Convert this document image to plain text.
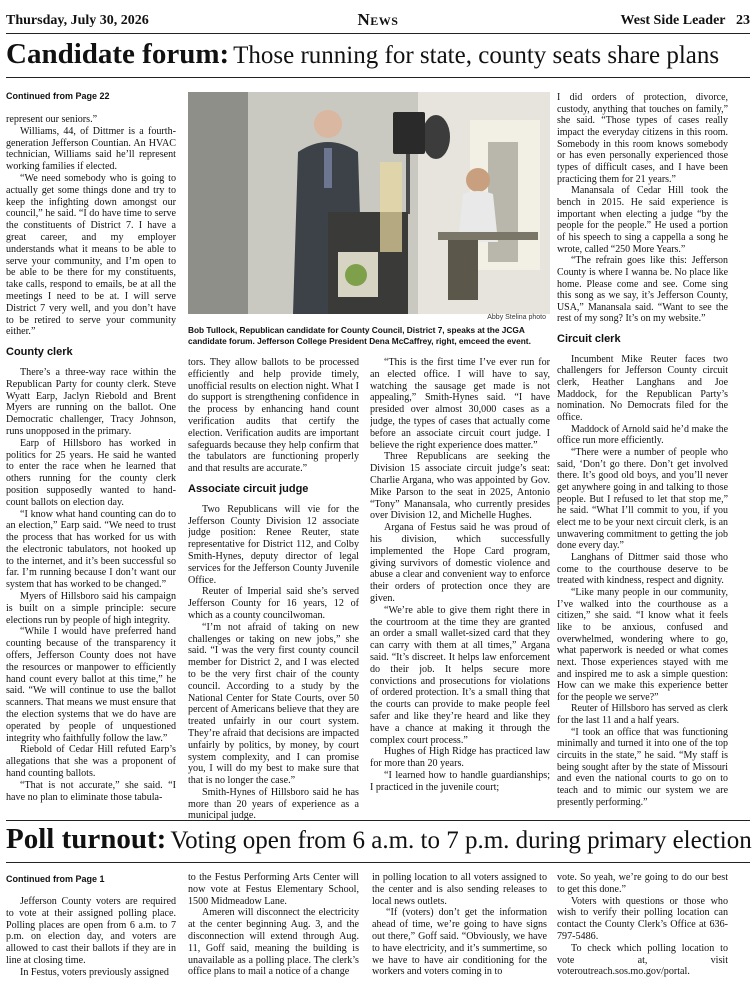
Thursday, July 30, 2026	News	West Side Leader 23
Candidate forum: Those running for state, county seats share plans
Continued from Page 22

represent our seniors.”

Williams, 44, of Dittmer is a fourth-generation Jefferson Countian. An HVAC technician, Williams said he’ll represent working families if elected.

“We need somebody who is going to actually get some things done and try to keep the infighting down amongst our council,” he said. “I do have time to serve the constituents of District 7. I have a great career, and my employer understands what it means to be able to serve your community, and I’m open to be able to be there for my constituents, take calls, respond to emails, be at all the meetings I need to be at. I will serve District 7 very well, and you don’t have to be retired to serve your community either.”

County clerk

There’s a three-way race within the Republican Party for county clerk. Steve Wyatt Earp, Jaclyn Riebold and Brent Myers are running on the ballot. One Democratic challenger, Tracy Johnson, runs unopposed in the primary.

Earp of Hillsboro has worked in politics for 25 years. He said he wanted to enter the race when he learned that others running for the county clerk position supposedly wanted to hand-count ballots on election day.

“I know what hand counting can do to an election,” Earp said. “We need to trust the process that has worked for us with the electronic tabulators, not hooked up to the internet, and it’s been successful so far. I’m running because I don’t want our system that has worked to be changed.”

Myers of Hillsboro said his campaign is built on a simple principle: secure elections run by people of high integrity.

“While I would have preferred hand counting because of the transparency it offers, Jefferson County does not have the resources or manpower to efficiently hand count every ballot at this time,” he said. “We will continue to use the ballot scanners. That means we must ensure that the election systems that we do have are operated by people of unquestioned integrity who faithfully follow the law.”

Riebold of Cedar Hill refuted Earp’s allegations that she was a proponent of hand counting ballots.

“That is not accurate,” she said. “I have no plan to eliminate those tabula-

Abby Stelina photo
Bob Tullock, Republican candidate for County Council, District 7, speaks at the JCGA candidate forum. Jefferson College President Dena McCaffrey, right, emceed the event.

tors. They allow ballots to be processed efficiently and help provide timely, unofficial results on election night. What I do support is strengthening confidence in the process by enhancing hand count verification audits that certify the election. Verification audits are important safeguards because they help confirm that the tabulators are functioning properly and that results are accurate.”

Associate circuit judge

Two Republicans will vie for the Jefferson County Division 12 associate judge position: Renee Reuter, state representative for District 112, and Colby Smith-Hynes, deputy director of legal services for the Jefferson County Juvenile Office.

Reuter of Imperial said she’s served Jefferson County for 16 years, 12 of which as a county councilwoman.

“I’m not afraid of taking on new challenges or taking on new jobs,” she said. “I was the very first county council member for District 2, and I was elected to be the very first chair of the county council. According to a study by the National Center for State Courts, over 50 percent of Americans believe that they are treated unfairly in our court system. They’re afraid that decisions are impacted unfairly by politics, by money, by court system complexity, and I can promise you, I will do my best to make sure that that is no longer the case.”

Smith-Hynes of Hillsboro said he has more than 20 years of experience as a municipal judge.

“This is the first time I’ve ever run for an elected office. I will have to say, watching the sausage get made is not appealing,” Smith-Hynes said. “I have presided over almost 30,000 cases as a judge, the types of cases that actually come before an associate circuit court judge. I believe the right experience does matter.”

Three Republicans are seeking the Division 15 associate circuit judge’s seat: Charlie Argana, who was appointed by Gov. Mike Parson to the seat in 2025, Antonio “Tony” Manansala, who currently presides over Division 12, and Michelle Hughes.

Argana of Festus said he was proud of his division, which successfully implemented the Hope Card program, giving survivors of domestic violence and abuse a clear and convenient way to enforce their orders of protection once they are given.

“We’re able to give them right there in the courtroom at the time they are granted an order a small wallet-sized card that they can carry with them at all times,” Argana said. “It’s discreet. It helps law enforcement do their job. It helps secure more convictions and prosecutions for violations of ordered protection. It’s a small thing that the courts can provide to make people feel safer and like they’re heard and like they have a chance at making it through the complex court process.”

Hughes of High Ridge has practiced law for more than 20 years.

“I learned how to handle guardianships; I practiced in the juvenile court;

I did orders of protection, divorce, custody, anything that touches on family,” she said. “Those types of cases really impact the everyday citizens in this room. Somebody in this room knows somebody or has even personally experienced those types of difficult cases, and I have been practicing them for 21 years.”

Manansala of Cedar Hill took the bench in 2015. He said experience is important when electing a judge “by the people for the people.” He used a portion of his speech to sing a cappella a song he wrote, called “250 More Years.”

“The refrain goes like this: Jefferson County is where I wanna be. No place like home. Please come and see. Come sing this song as we say, it’s Jefferson County, USA,” Manansala said. “Want to see the rest of my song? It’s on my website.”

Circuit clerk

Incumbent Mike Reuter faces two challengers for Jefferson County circuit clerk, Heather Langhans and Joe Maddock, for the Republican Party’s nomination. No Democrats filed for the office.

Maddock of Arnold said he’d make the office run more efficiently.

“There were a number of people who said, ‘Don’t go there. Don’t get involved there. It’s good old boys, and you’ll never get anywhere going in and talking to those people. But I refused to let that stop me,” he said. “What I’ll commit to you, if you elect me to be your next circuit clerk, is an unwavering commitment to getting the job done every day.”

Langhans of Dittmer said those who come to the courthouse deserve to be treated with kindness, respect and dignity.

“Like many people in our community, I’ve walked into the courthouse as a citizen,” she said. “I know what it feels like to be anxious, confused and overwhelmed, wondering where to go, what paperwork is needed or what comes next. Those experiences stayed with me and inspired me to ask a simple question: How can we make this experience better for the people we serve?”

Reuter of Hillsboro has served as clerk for the last 11 and a half years.

“I took an office that was functioning minimally and turned it into one of the top circuits in the state,” he said. “My staff is being sought after by the state of Missouri and even the national courts to go on to teach and to mimic our system we are presently performing.”

Poll turnout: Voting open from 6 a.m. to 7 p.m. during primary election
Continued from Page 1

Jefferson County voters are required to vote at their assigned polling place. Polling places are open from 6 a.m. to 7 p.m. on election day, and voters are allowed to cast their ballots if they are in line at closing time.

In Festus, voters previously assigned

to the Festus Performing Arts Center will now vote at Festus Elementary School, 1500 Midmeadow Lane.

Ameren will disconnect the electricity at the center beginning Aug. 3, and the disconnection will extend through Aug. 11, Goff said, meaning the building is unavailable as a polling place. The clerk’s office plans to mail a notice of a change

in polling location to all voters assigned to the center and is also sending releases to local news outlets.

“If (voters) don’t get the information ahead of time, we’re going to have signs out there,” Goff said. “Obviously, we have to have electricity, and it’s summertime, so we have to have air conditioning for the workers and voters coming in to

vote. So yeah, we’re going to do our best to get this done.”

Voters with questions or those who wish to verify their polling location can contact the County Clerk’s Office at 636-797-5486.

To check which polling location to vote at, visit voteroutreach.sos.mo.gov/portal.
